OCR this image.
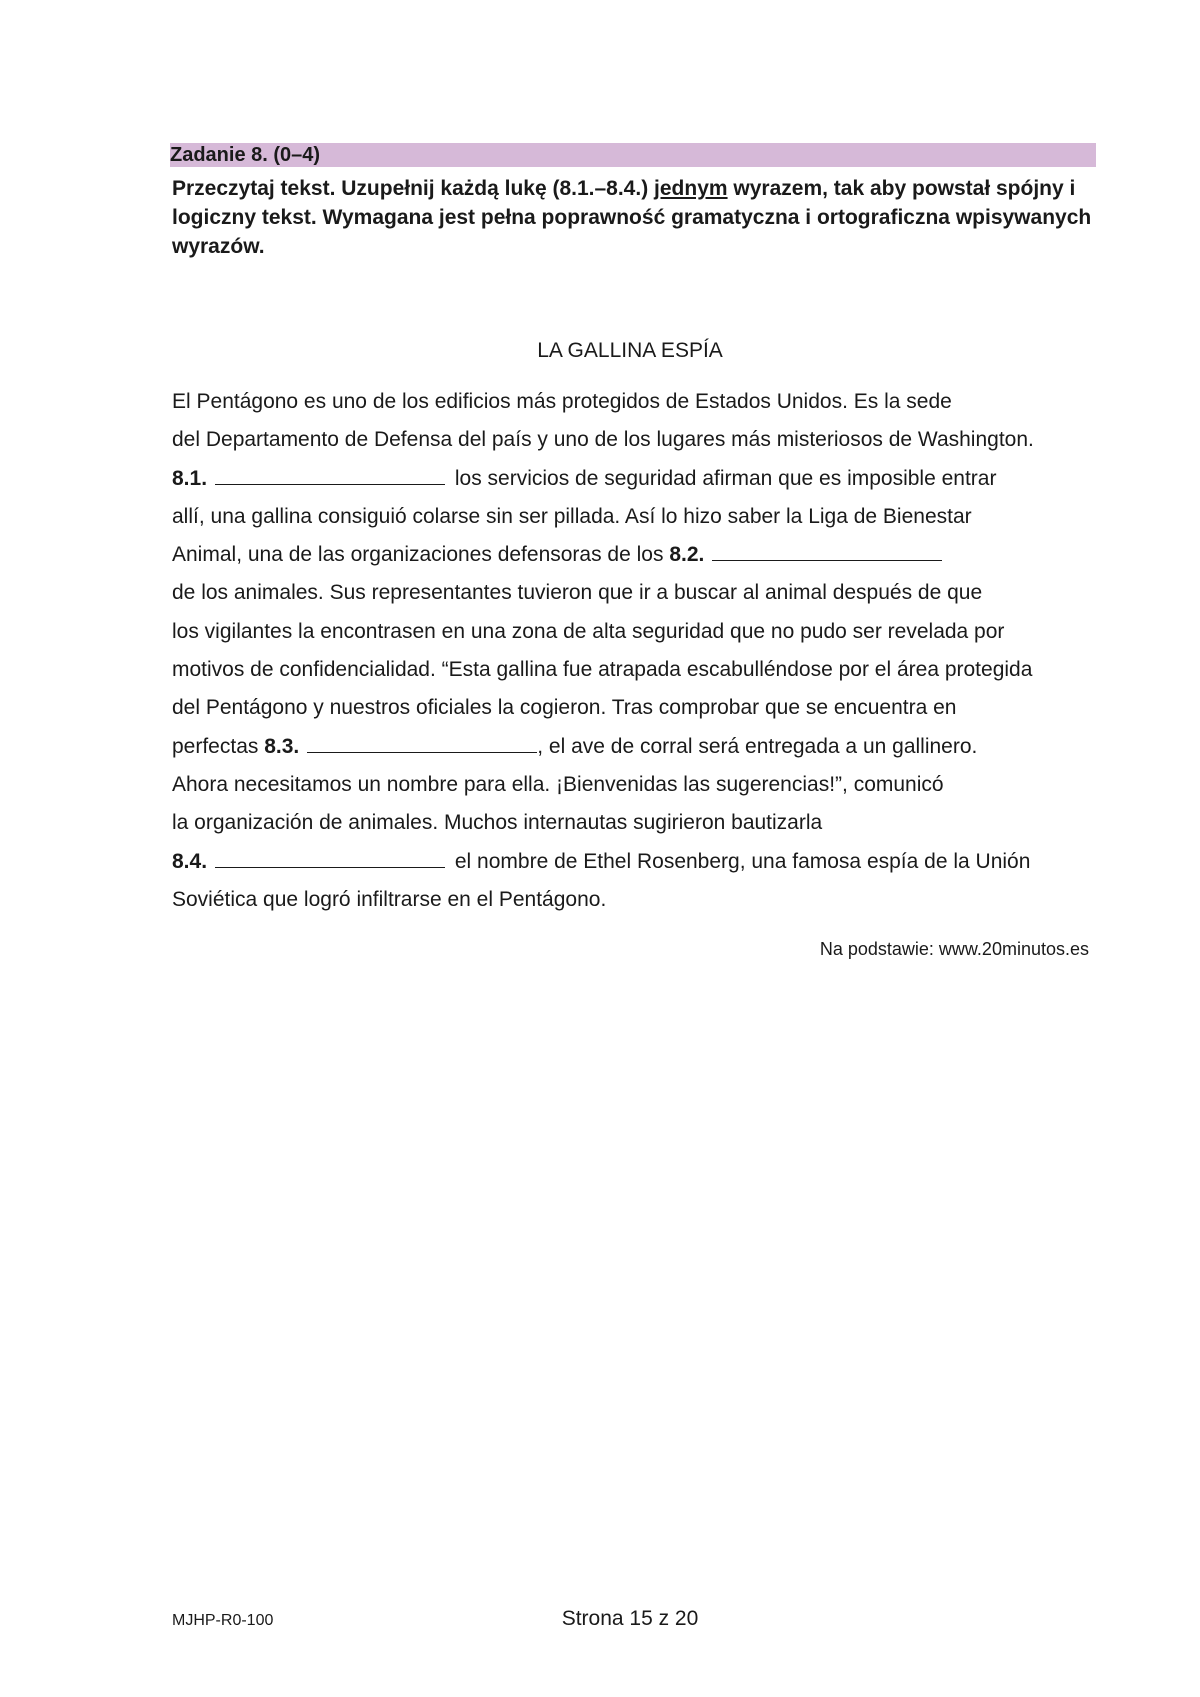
Zadanie 8. (0–4)
Przeczytaj tekst. Uzupełnij każdą lukę (8.1.–8.4.) jednym wyrazem, tak aby powstał spójny i logiczny tekst. Wymagana jest pełna poprawność gramatyczna i ortograficzna wpisywanych wyrazów.
LA GALLINA ESPÍA
El Pentágono es uno de los edificios más protegidos de Estados Unidos. Es la sede
del Departamento de Defensa del país y uno de los lugares más misteriosos de Washington.
8.1.	los servicios de seguridad afirman que es imposible entrar
allí, una gallina consiguió colarse sin ser pillada. Así lo hizo saber la Liga de Bienestar
Animal, una de las organizaciones defensoras de los 8.2.
de los animales. Sus representantes tuvieron que ir a buscar al animal después de que
los vigilantes la encontrasen en una zona de alta seguridad que no pudo ser revelada por
motivos de confidencialidad. “Esta gallina fue atrapada escabulléndose por el área protegida
del Pentágono y nuestros oficiales la cogieron. Tras comprobar que se encuentra en
perfectas 8.3.	, el ave de corral será entregada a un gallinero.
Ahora necesitamos un nombre para ella. ¡Bienvenidas las sugerencias!”, comunicó
la organización de animales. Muchos internautas sugirieron bautizarla
8.4.	el nombre de Ethel Rosenberg, una famosa espía de la Unión
Soviética que logró infiltrarse en el Pentágono.
Na podstawie: www.20minutos.es
MJHP-R0-100	Strona 15 z 20
